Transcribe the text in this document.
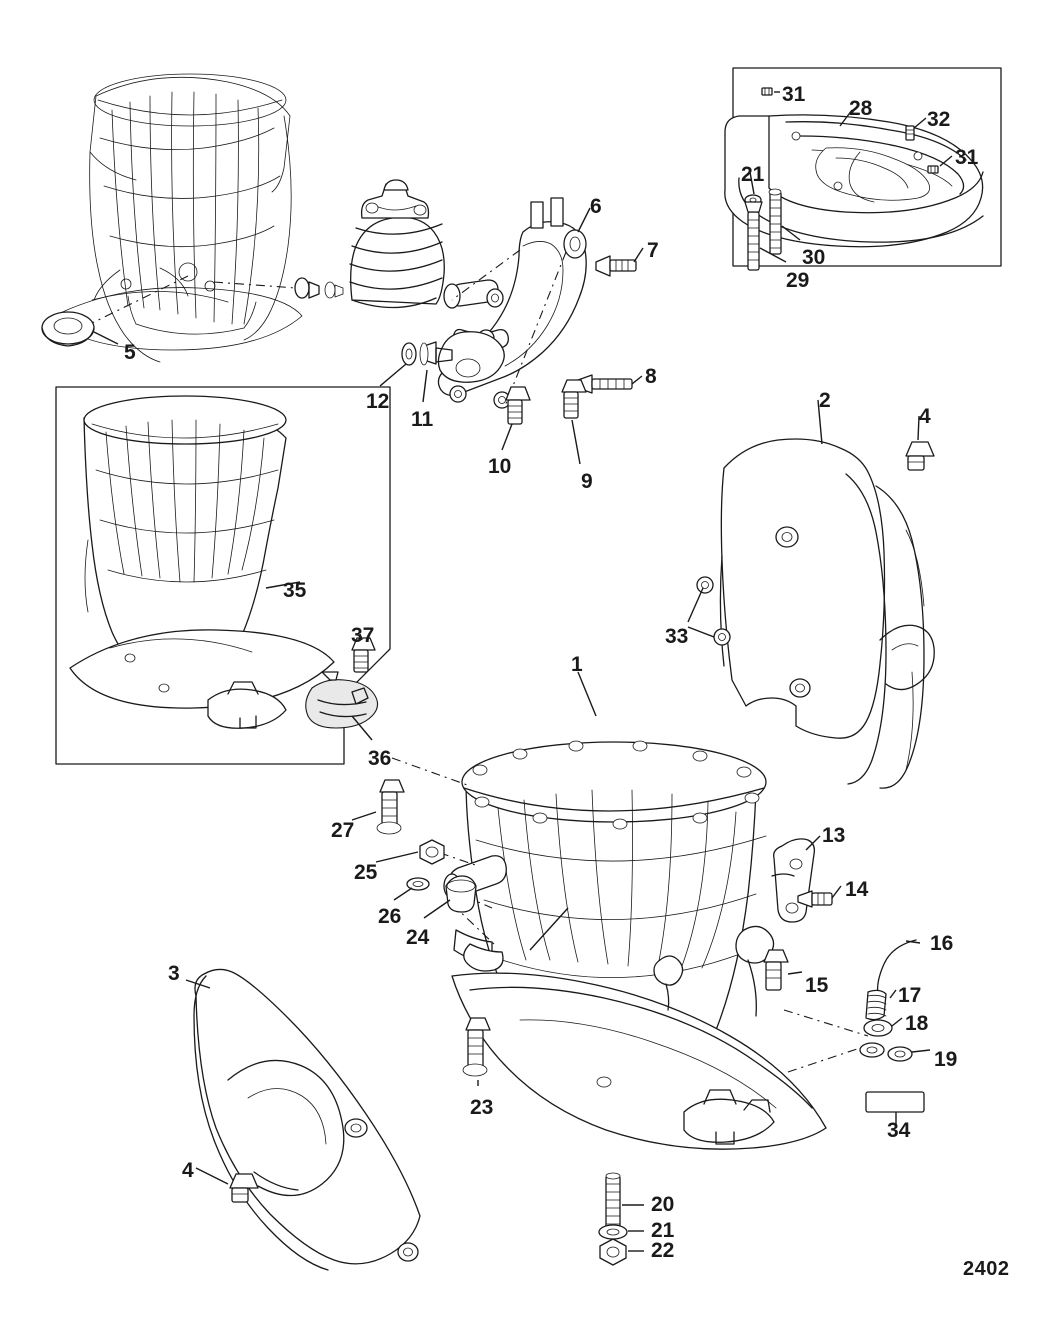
31
28	32
31
21
30
29
6
7
5
12
11
8
10
9
2
4
33
35
37
36
1
13
14
27
25
26
24
15
16
17
18
19
3
23
34
4
20
21
22
2402
